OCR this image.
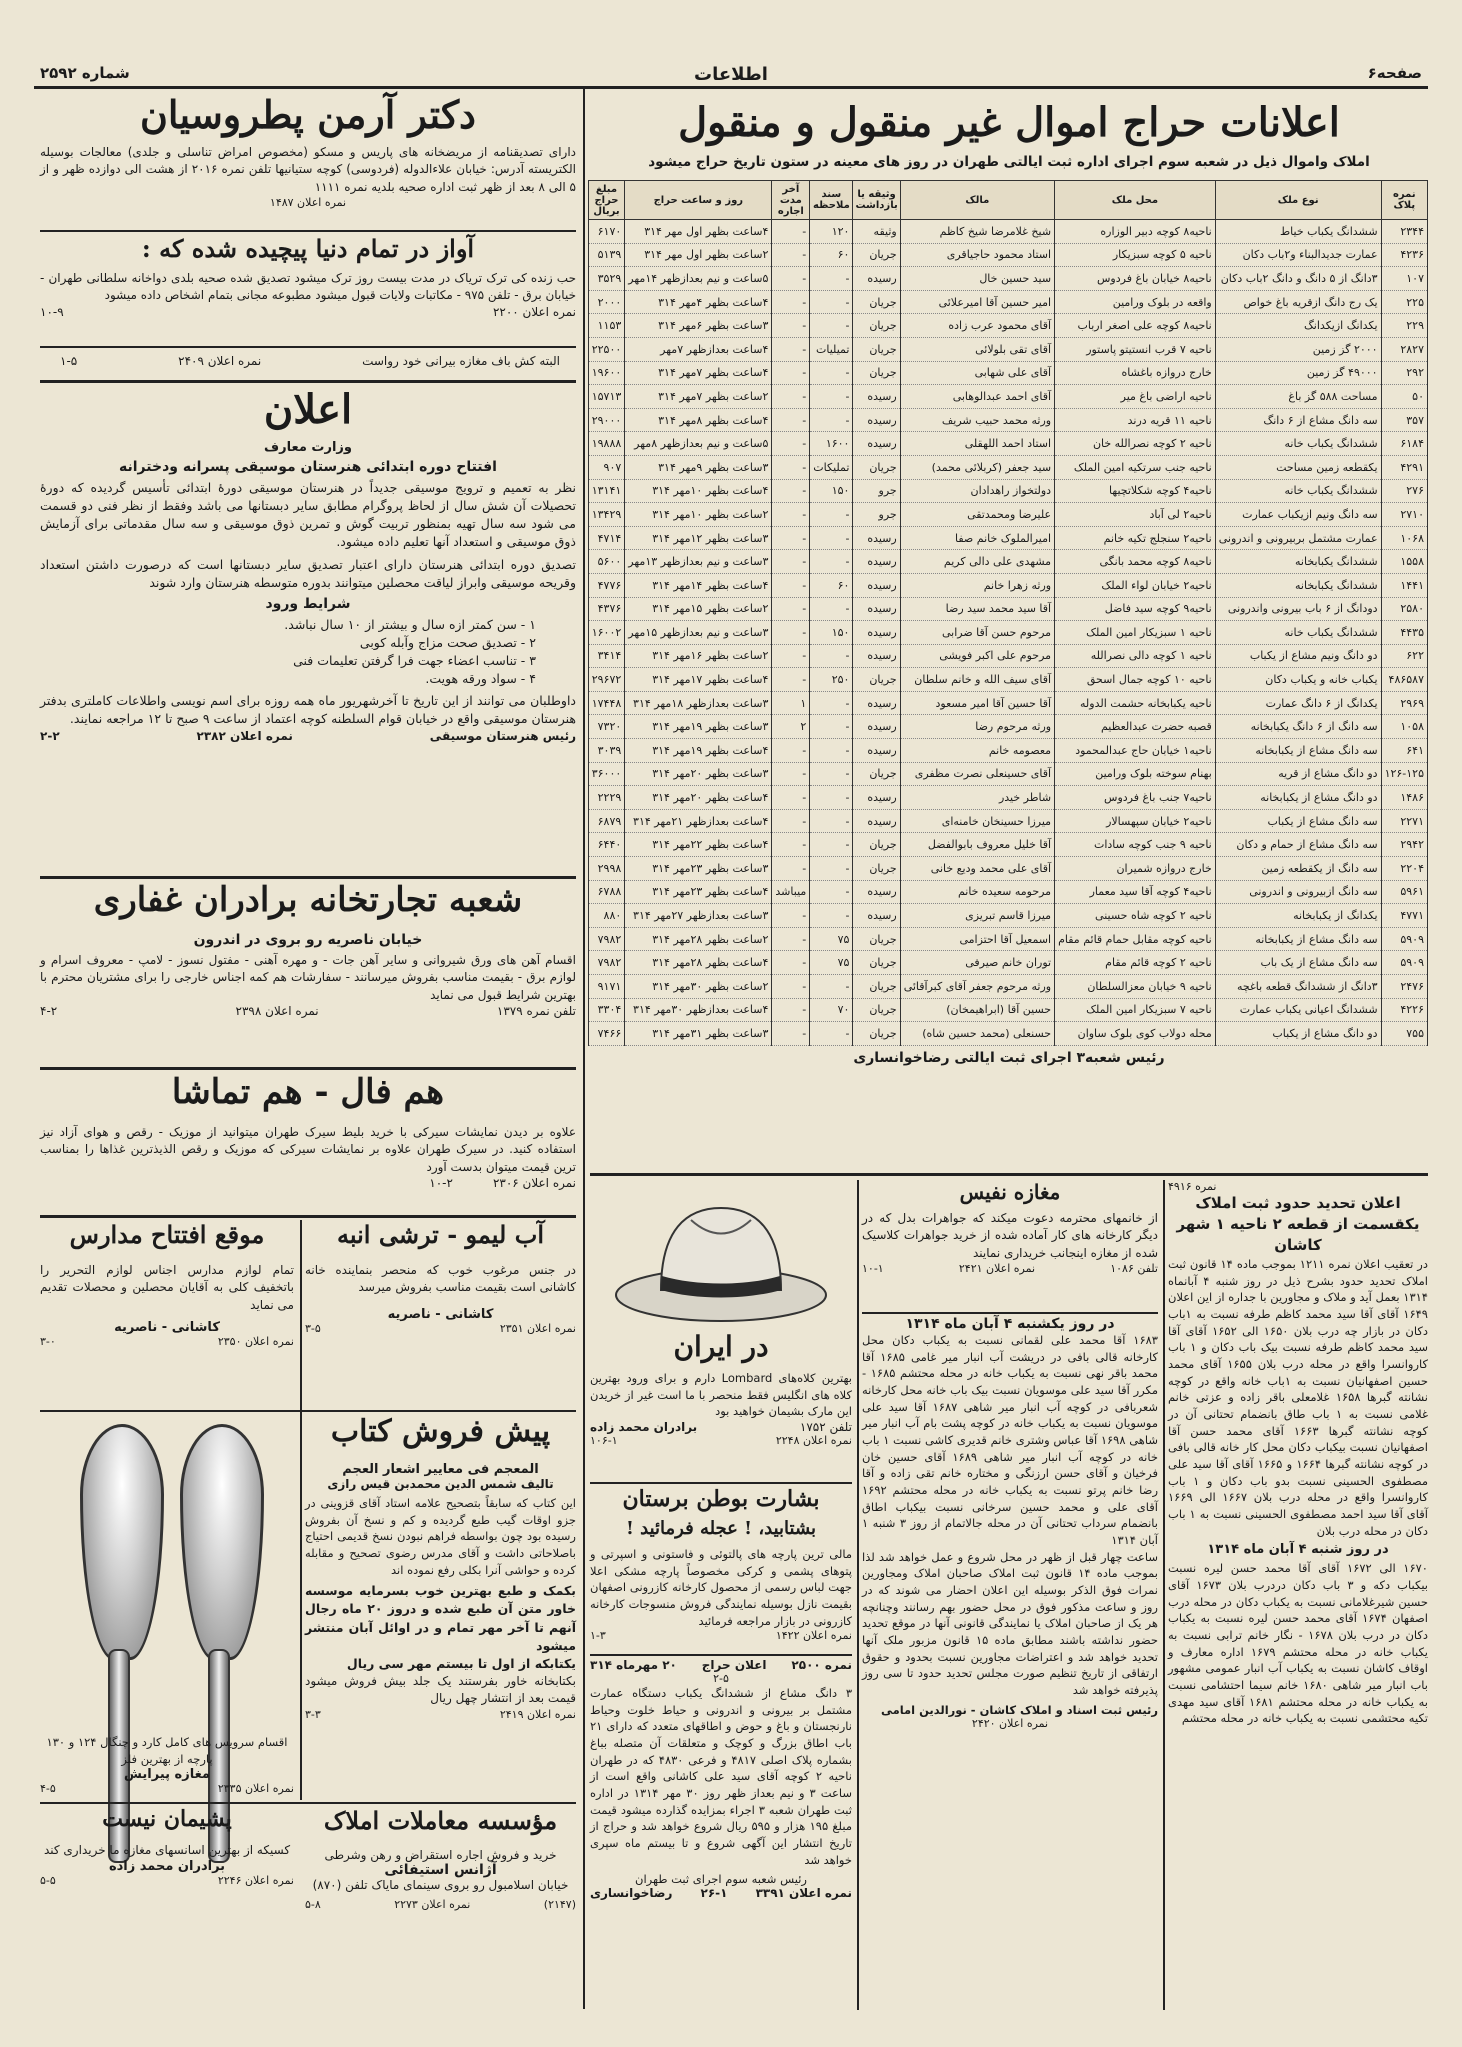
صفحه۶
اطلاعات
شماره ۲۵۹۲
اعلانات حراج اموال غیر منقول و منقول
املاک واموال ذیل در شعبه سوم اجرای اداره ثبت ایالتی طهران در روز های معینه در ستون تاریخ حراج میشود
نمره پلاک	نوع ملک	محل ملک	مالک	وثیقه یا بازداشت	سند ملاحظه	آخر مدت اجاره	روز و ساعت حراج	مبلغ حراج بریال
۲۳۴۴	ششدانگ یکباب خیاط	ناحیه۸ کوچه دبیر الوزاره	شیخ غلامرضا شیخ کاظم	وثیقه	۱۲۰	-	۴ساعت بظهر اول مهر ۳۱۴	۶۱۷۰
۴۲۳۶	عمارت جدیدالبناء و۲باب دکان	ناحیه ۵ کوچه سبزیکار	استاد محمود حاجیاقری	جریان	۶۰	-	۲ساعت بظهر اول مهر ۳۱۴	۵۱۳۹
۱۰۷	۳دانگ از ۵ دانگ و دانگ ۲باب دکان	ناحیه۸ خیابان باغ فردوس	سید حسین خال	رسیده	-	-	۵ساعت و نیم بعدازظهر ۱۴مهر	۳۵۲۹
۲۲۵	یک رج دانگ ازقریه باغ خواص	واقعه در بلوک ورامین	امیر حسین آقا امیرعلائی	جریان	-	-	۴ساعت بظهر ۴مهر ۳۱۴	۲۰۰۰
۲۲۹	یکدانگ ازیکدانگ	ناحیه۸ کوچه علی اصغر ارباب	آقای محمود عرب زاده	جریان	-	-	۳ساعت بظهر ۶مهر ۳۱۴	۱۱۵۳
۲۸۲۷	۲۰۰۰ گز زمین	ناحیه ۷ قرب انستیتو پاستور	آقای تقی بلولائی	جریان	تمیلیات	-	۴ساعت بعدازظهر ۷مهر	۲۲۵۰۰
۲۹۲	۴۹۰۰۰ گز زمین	خارج دروازه باغشاه	آقای علی شهابی	جریان	-	-	۴ساعت بظهر ۷مهر ۳۱۴	۱۹۶۰۰
۵۰	مساحت ۵۸۸ گز باغ	ناحیه اراضی باغ میر	آقای احمد عبدالوهابی	رسیده	-	-	۲ساعت بظهر ۷مهر ۳۱۴	۱۵۷۱۳
۳۵۷	سه دانگ مشاع از ۶ دانگ	ناحیه ۱۱ قریه درند	ورثه محمد حبیب شریف	رسیده	-	-	۴ساعت بظهر ۸مهر ۳۱۴	۲۹۰۰۰
۶۱۸۴	ششدانگ یکباب خانه	ناحیه ۲ کوچه نصرالله خان	استاد احمد اللهقلی	رسیده	۱۶۰۰	-	۵ساعت و نیم بعدازظهر ۸مهر	۱۹۸۸۸
۴۲۹۱	یکقطعه زمین مساحت	ناحیه جنب سرتکیه امین الملک	سید جعفر (کربلائی محمد)	جریان	تملیکات	-	۳ساعت بظهر ۹مهر ۳۱۴	۹۰۷
۲۷۶	ششدانگ یکباب خانه	ناحیه۴ کوچه شکلاتچیها	دولتخواز راهدادان	جرو	۱۵۰	-	۴ساعت بظهر ۱۰مهر ۳۱۴	۱۳۱۴۱
۲۷۱۰	سه دانگ ونیم ازیکباب عمارت	ناحیه۲ لی آباد	علیرضا ومحمدتقی	جرو	-	-	۲ساعت بظهر ۱۰مهر ۳۱۴	۱۳۴۲۹
۱۰۶۸	عمارت مشتمل بربیرونی و اندرونی	ناحیه۲ سنجلج تکیه خانم	امیرالملوک خانم صفا	رسیده	-	-	۳ساعت بظهر ۱۲مهر ۳۱۴	۴۷۱۴
۱۵۵۸	ششدانگ یکبابخانه	ناحیه۸ کوچه محمد بانگی	مشهدی علی دالی کریم	رسیده	-	-	۳ساعت و نیم بعدازظهر ۱۳مهر	۵۶۰۰
۱۴۴۱	ششدانگ یکبابخانه	ناحیه۲ خیابان لواء الملک	ورثه زهرا خانم	رسیده	۶۰	-	۴ساعت بظهر ۱۴مهر ۳۱۴	۴۷۷۶
۲۵۸۰	دودانگ از ۶ باب بیرونی واندرونی	ناحیه۹ کوچه سید فاضل	آقا سید محمد سید رضا	رسیده	-	-	۲ساعت بظهر ۱۵مهر ۳۱۴	۴۳۷۶
۴۴۳۵	ششدانگ یکباب خانه	ناحیه ۱ سبزیکار امین الملک	مرحوم حسن آقا ضرابی	رسیده	۱۵۰	-	۳ساعت و نیم بعدازظهر ۱۵مهر	۱۶۰۰۲
۶۲۲	دو دانگ ونیم مشاع از یکباب	ناحیه ۱ کوچه دالی نصرالله	مرحوم علی اکبر فویشی	رسیده	-	-	۲ساعت بظهر ۱۶مهر ۳۱۴	۳۴۱۴
۴۸۶۵۸۷	یکباب خانه و یکباب دکان	ناحیه ۱۰ کوچه جمال اسحق	آقای سیف الله و خانم سلطان	جریان	۲۵۰	-	۴ساعت بظهر ۱۷مهر ۳۱۴	۲۹۶۷۲
۲۹۶۹	یکدانگ از ۶ دانگ عمارت	ناحیه یکبابخانه حشمت الدوله	آقا حسین آقا امیر مسعود	رسیده	-	۱	۳ساعت بعدازظهر ۱۸مهر ۳۱۴	۱۷۴۴۸
۱۰۵۸	سه دانگ از ۶ دانگ یکبابخانه	قصبه حضرت عبدالعظیم	ورثه مرحوم رضا	رسیده	-	۲	۳ساعت بظهر ۱۹مهر ۳۱۴	۷۳۲۰
۶۴۱	سه دانگ مشاع از یکبابخانه	ناحیه۱ خیابان حاج عبدالمحمود	معصومه خانم	رسیده	-	-	۴ساعت بظهر ۱۹مهر ۳۱۴	۳۰۳۹
۱۲۶-۱۲۵	دو دانگ مشاع از قریه	بهنام سوخته بلوک ورامین	آقای حسینعلی نصرت مظفری	جریان	-	-	۳ساعت بظهر ۲۰مهر ۳۱۴	۳۶۰۰۰
۱۴۸۶	دو دانگ مشاع از یکبابخانه	ناحیه۷ جنب باغ فردوس	شاطر خیدر	رسیده	-	-	۴ساعت بظهر ۲۰مهر ۳۱۴	۲۲۲۹
۲۲۷۱	سه دانگ مشاع از یکباب	ناحیه۲ خیابان سپهسالار	میرزا حسینخان خامنه‌ای	رسیده	-	-	۴ساعت بعدازظهر ۲۱مهر ۳۱۴	۶۸۷۹
۲۹۴۲	سه دانگ مشاع از حمام و دکان	ناحیه ۹ جنب کوچه سادات	آقا خلیل معروف بابوالفضل	جریان	-	-	۴ساعت بظهر ۲۲مهر ۳۱۴	۶۴۴۰
۲۲۰۴	سه دانگ از یکقطعه زمین	خارج دروازه شمیران	آقای علی محمد ودیع خانی	جریان	-	-	۳ساعت بظهر ۲۳مهر ۳۱۴	۲۹۹۸
۵۹۶۱	سه دانگ ازبیرونی و اندرونی	ناحیه۴ کوچه آقا سید معمار	مرحومه سعیده خانم	رسیده	-	میباشد	۴ساعت بظهر ۲۳مهر ۳۱۴	۶۷۸۸
۴۷۷۱	یکدانگ از یکبابخانه	ناحیه ۲ کوچه شاه حسینی	میرزا قاسم تبریزی	رسیده	-	-	۳ساعت بعدازظهر ۲۷مهر ۳۱۴	۸۸۰
۵۹۰۹	سه دانگ مشاع از یکبابخانه	ناحیه کوچه مقابل حمام قائم مقام	اسمعیل آقا احتزامی	جریان	۷۵	-	۲ساعت بظهر ۲۸مهر ۳۱۴	۷۹۸۲
۵۹۰۹	سه دانگ مشاع از یک باب	ناحیه ۲ کوچه قائم مقام	توران خانم صیرفی	جریان	۷۵	-	۴ساعت بظهر ۲۸مهر ۳۱۴	۷۹۸۲
۲۴۷۶	۳دانگ از ششدانگ قطعه باغچه	ناحیه ۹ خیابان معزالسلطان	ورثه مرحوم جعفر آقای کبرآقائی	جریان	-	-	۲ساعت بظهر ۳۰مهر ۳۱۴	۹۱۷۱
۴۲۲۶	ششدانگ اعیانی یکباب عمارت	ناحیه ۷ سبزیکار امین الملک	حسین آقا (ابراهیمخان)	جریان	۷۰	-	۴ساعت بعدازظهر ۳۰مهر ۳۱۴	۳۳۰۴
۷۵۵	دو دانگ مشاع از یکباب	محله دولاب کوی بلوک ساوان	حسنعلی (محمد حسین شاه)	جریان	-	-	۳ساعت بظهر ۳۱مهر ۳۱۴	۷۴۶۶
رئیس شعبه۳ اجرای ثبت ایالتی رضاخوانساری
دکتر آرمن پطروسیان

دارای تصدیقنامه از مریضخانه های پاریس و مسکو (مخصوص امراض تناسلی و جلدی) معالجات بوسیله الکتریسته آدرس: خیابان علاءالدوله (فردوسی) کوچه ستیانیها تلفن نمره ۲۰۱۶ از هشت الی دوازده ظهر و از ۵ الی ۸ بعد از ظهر ثبت اداره صحیه بلدیه نمره ۱۱۱۱

نمره اعلان ۱۴۸۷
آواز در تمام دنیا پیچیده شده که :

حب زنده کی ترک تریاک در مدت بیست روز ترک میشود تصدیق شده صحیه بلدی دواخانه سلطانی طهران - خیابان برق - تلفن ۹۷۵ - مکاتبات ولایات قبول میشود مطبوعه مجانی بتمام اشخاص داده میشود

نمره اعلان ۲۲۰۰
۱۰-۹
البته کش باف مغازه بیرانی خود رواست
نمره اعلان ۲۴۰۹
۱-۵
اعلان
وزارت معارف
افتتاح دوره ابتدائی هنرستان موسیقی پسرانه ودخترانه

نظر به تعمیم و ترویج موسیقی جدیداً در هنرستان موسیقی دورهٔ ابتدائی تأسیس گردیده که دورهٔ تحصیلات آن شش سال از لحاظ پروگرام مطابق سایر دبستانها می باشد وفقط از نظر فنی دو قسمت می شود سه سال تهیه بمنظور تربیت گوش و تمرین ذوق موسیقی و سه سال مقدماتی برای آزمایش ذوق موسیقی و استعداد آنها تعلیم داده میشود.

تصدیق دوره ابتدائی هنرستان دارای اعتبار تصدیق سایر دبستانها است که درصورت داشتن استعداد وقریحه موسیقی وابراز لیاقت محصلین میتوانند بدوره متوسطه هنرستان وارد شوند

شرایط ورود
۱ - سن کمتر ازه سال و بیشتر از ۱۰ سال نباشد.
۲ - تصدیق صحت مزاج وآبله کوبی
۳ - تناسب اعضاء جهت فرا گرفتن تعلیمات فنی
۴ - سواد ورقه هویت.

داوطلبان می توانند از این تاریخ تا آخرشهریور ماه همه روزه برای اسم نویسی واطلاعات کاملتری بدفتر هنرستان موسیقی واقع در خیابان قوام السلطنه کوچه اعتماد از ساعت ۹ صبح تا ۱۲ مراجعه نمایند.

رئیس هنرستان موسیقی
نمره اعلان ۲۳۸۲
۲-۲
شعبه تجارتخانه برادران غفاری
خیابان ناصریه رو بروی در اندرون

اقسام آهن های ورق شیروانی و سایر آهن جات - و مهره آهنی - مفتول نسوز - لامپ - معروف اسرام و لوازم برق - بقیمت مناسب بفروش میرسانند - سفارشات هم کمه اجناس خارجی را برای مشتریان محترم با بهترین شرایط قبول می نماید

تلفن نمره ۱۳۷۹
نمره اعلان ۲۳۹۸
۴-۲
هم فال - هم تماشا

علاوه بر دیدن نمایشات سیرکی با خرید بلیط سیرک طهران میتوانید از موزیک - رقص و هوای آزاد نیز استفاده کنید. در سیرک طهران علاوه بر نمایشات سیرکی که موزیک و رقص الذیذترین غذاها را بمناسب ترین قیمت میتوان بدست آورد

نمره اعلان ۲۳۰۶
۱۰-۲
آب لیمو - ترشی انبه

در جنس مرغوب خوب که منحصر بنماینده خانه کاشانی است بقیمت مناسب بفروش میرسد

کاشانی - ناصریه
نمره اعلان ۲۳۵۱
۳-۵
موقع افتتاح مدارس

تمام لوازم مدارس اجناس لوازم التحریر را باتخفیف کلی به آقایان محصلین و محصلات تقدیم می نماید

کاشانی - ناصریه
نمره اعلان ۲۳۵۰
۳-۰
پیش فروش کتاب
المعجم فی معاییر اشعار العجم
تالیف شمس الدین محمدبن قیس رازی

این کتاب که سابقاً بتصحیح علامه استاد آقای قزوینی در جزو اوقات گیب طبع گردیده و کم و نسخ آن بفروش رسیده بود چون بواسطه فراهم نبودن نسخ قدیمی احتیاج باصلاحاتی داشت و آقای مدرس رضوی تصحیح و مقابله کرده و حواشی آنرا بکلی رفع نموده اند

بکمک و طبع بهترین خوب بسرمایه موسسه خاور متن آن طبع شده و دروز ۲۰ ماه رجال آنهم تا آخر مهر تمام و در اوائل آبان منتشر میشود

یکتابکه از اول تا بیستم مهر سی ریال

بکتابخانه خاور بفرستند یک جلد بیش فروش میشود قیمت بعد از انتشار چهل ریال

نمره اعلان ۲۴۱۹
۳-۳

اقسام سرویس های کامل کارد و چنگال ۱۲۴ و ۱۳۰ پارچه از بهترین فلز

مغازه پیرایش
نمره اعلان ۲۳۳۵
۴-۵
مؤسسه معاملات املاک
خرید و فروش اجاره استقراض و رهن وشرطی
آژانس استیفائی
خیابان اسلامبول رو بروی سینمای مایاک تلفن (۸۷۰)
(۲۱۴۷)
نمره اعلان ۲۲۷۳
۵-۸
پشیمان نیست

کسیکه از بهترین اسانسهای مغازه ما خریداری کند

برادران محمد زاده
نمره اعلان ۲۲۴۶
۵-۵
نمره ۴۹۱۶
اعلان تحدید حدود ثبت املاک یکقسمت از قطعه ۲ ناحیه ۱ شهر کاشان

در تعقیب اعلان نمره ۱۲۱۱ بموجب ماده ۱۴ قانون ثبت املاک تحدید حدود بشرح ذیل در روز شنبه ۴ آبانماه ۱۳۱۴ بعمل آید و ملاک و مجاورین با جداره از این اعلان ۱۶۴۹ آقای آقا سید محمد کاظم طرفه نسبت به ۱باب دکان در بازار چه درب بلان ۱۶۵۰ الی ۱۶۵۲ آقای آقا سید محمد کاظم طرفه نسبت بیک باب دکان و ۱ باب کاروانسرا واقع در محله درب بلان ۱۶۵۵ آقای محمد حسین اصفهانیان نسبت به ۱باب خانه واقع در کوچه نشانته گبرها ۱۶۵۸ غلامعلی باقر زاده و عزتی خانم غلامی نسبت به ۱ باب طاق بانضمام تحتانی آن در کوچه نشانته گبرها ۱۶۶۳ آقای محمد حسن آقا اصفهانیان نسبت بیکباب دکان محل کار خانه قالی بافی در کوچه نشانته گبرها ۱۶۶۴ و ۱۶۶۵ آقای آقا سید علی مصطفوی الحسینی نسبت بدو باب دکان و ۱ باب کاروانسرا واقع در محله درب بلان ۱۶۶۷ الی ۱۶۶۹ آقای آقا سید احمد مصطفوی الحسینی نسبت به ۱ باب دکان در محله درب بلان

در روز شنبه ۴ آبان ماه ۱۳۱۴

۱۶۷۰ الی ۱۶۷۲ آقای آقا محمد حسن لیره نسبت بیکباب دکه و ۳ باب دکان دردرب بلان ۱۶۷۳ آقای حسین شیرغلامانی نسبت به یکباب دکان در محله درب اصفهان ۱۶۷۴ آقای محمد حسن لیره نسبت به یکباب دکان در درب بلان ۱۶۷۸ - نگار خانم ترابی نسبت به یکباب خانه در محله محتشم ۱۶۷۹ اداره معارف و اوقاف کاشان نسبت به یکباب آب انبار عمومی مشهور باب انبار میر شاهی ۱۶۸۰ خانم سیما احتشامی نسبت به یکباب خانه در محله محتشم ۱۶۸۱ آقای سید مهدی تکیه محتشمی نسبت به یکباب خانه در محله محتشم

مغازه نفیس

از خانمهای محترمه دعوت میکند که جواهرات بدل که در دیگر کارخانه های کار آماده شده از خرید جواهرات کلاسیک شده از مغازه اینجانب خریداری نمایند

تلفن ۱۰۸۶
نمره اعلان ۲۴۲۱
۱۰-۱
در روز یکشنبه ۴ آبان ماه ۱۳۱۴

۱۶۸۳ آقا محمد علی لقمانی نسبت به یکباب دکان محل کارخانه قالی بافی در دریشت آب انبار میر غامی ۱۶۸۵ آقا محمد باقر نهی نسبت به یکباب خانه در محله محتشم ۱۶۸۵ - مکرر آقا سید علی موسویان نسبت بیک باب خانه محل کارخانه شعربافی در کوچه آب انبار میر شاهی ۱۶۸۷ آقا سید علی موسویان نسبت به یکباب خانه در کوچه پشت بام آب انبار میر شاهی ۱۶۹۸ آقا عباس وشتری خانم قدیری کاشی نسبت ۱ باب خانه در کوچه آب انبار میر شاهی ۱۶۸۹ آقای حسین خان فرخیان و آقای حسن ارزنگی و مختاره خانم تقی زاده و آقا رضا خانم پرتو نسبت به یکباب خانه در محله محتشم ۱۶۹۲ آقای علی و محمد حسین سرخانی نسبت بیکباب اطاق بانضمام سرداب تحتانی آن در محله جالاتمام از روز ۳ شنبه ۱ آبان ۱۳۱۴

ساعت چهار قبل از ظهر در محل شروع و عمل خواهد شد لذا بموجب ماده ۱۴ قانون ثبت املاک صاحبان املاک ومجاورین نمرات فوق الذکر بوسیله این اعلان احضار می شوند که در روز و ساعت مذکور فوق در محل حضور بهم رسانند وچنانچه هر یک از صاحبان املاک یا نمایندگی قانونی آنها در موقع تحدید حضور نداشته باشند مطابق ماده ۱۵ قانون مزبور ملک آنها تحدید خواهد شد و اعتراضات مجاورین نسبت بحدود و حقوق ارتفاقی از تاریخ تنظیم صورت مجلس تحدید حدود تا سی روز پذیرفته خواهد شد

رئیس ثبت اسناد و املاک کاشان - نورالدین امامی
نمره اعلان ۲۴۲۰
در ایران

بهترین کلاه‌های Lombard دارم و برای ورود بهترین کلاه های انگلیس فقط منحصر با ما است غیر از خریدن این مارک بشیمان خواهید بود

تلفن ۱۷۵۲
برادران محمد زاده
نمره اعلان ۲۲۴۸
۱۰۶-۱
بشارت بوطن برستان
بشتابید، ! عجله فرمائید !

مالی ترین پارچه های پالتوئی و فاستونی و اسپرتی و پتوهای پشمی و کرکی مخصوصاً پارچه مشکی اعلا جهت لباس رسمی از محصول کارخانه کازرونی اصفهان بقیمت نازل بوسیله نمایندگی فروش منسوجات کارخانه کازرونی در بازار مراجعه فرمائید

نمره اعلان ۱۴۲۲
۱-۳
نمره ۲۵۰۰
اعلان حراج
۲۰ مهرماه ۳۱۴
۲-۵

۳ دانگ مشاع از ششدانگ یکباب دستگاه عمارت مشتمل بر بیرونی و اندرونی و حیاط خلوت وحیاط نارنجستان و باغ و حوض و اطاقهای متعدد که دارای ۲۱ باب اطاق بزرگ و کوچک و متعلقات آن متصله بباغ بشماره پلاک اصلی ۴۸۱۷ و فرعی ۴۸۳۰ که در طهران ناحیه ۲ کوچه آقای سید علی کاشانی واقع است از ساعت ۳ و نیم بعداز ظهر روز ۳۰ مهر ۱۳۱۴ در اداره ثبت طهران شعبه ۳ اجراء بمزایده گذارده میشود قیمت مبلغ ۱۹۵ هزار و ۵۹۵ ریال شروع خواهد شد و حراج از تاریخ انتشار این آگهی شروع و تا بیستم ماه سپری خواهد شد

رئیس شعبه سوم اجرای ثبت طهران
نمره اعلان ۳۳۹۱
۲۶-۱
رضاخوانساری
